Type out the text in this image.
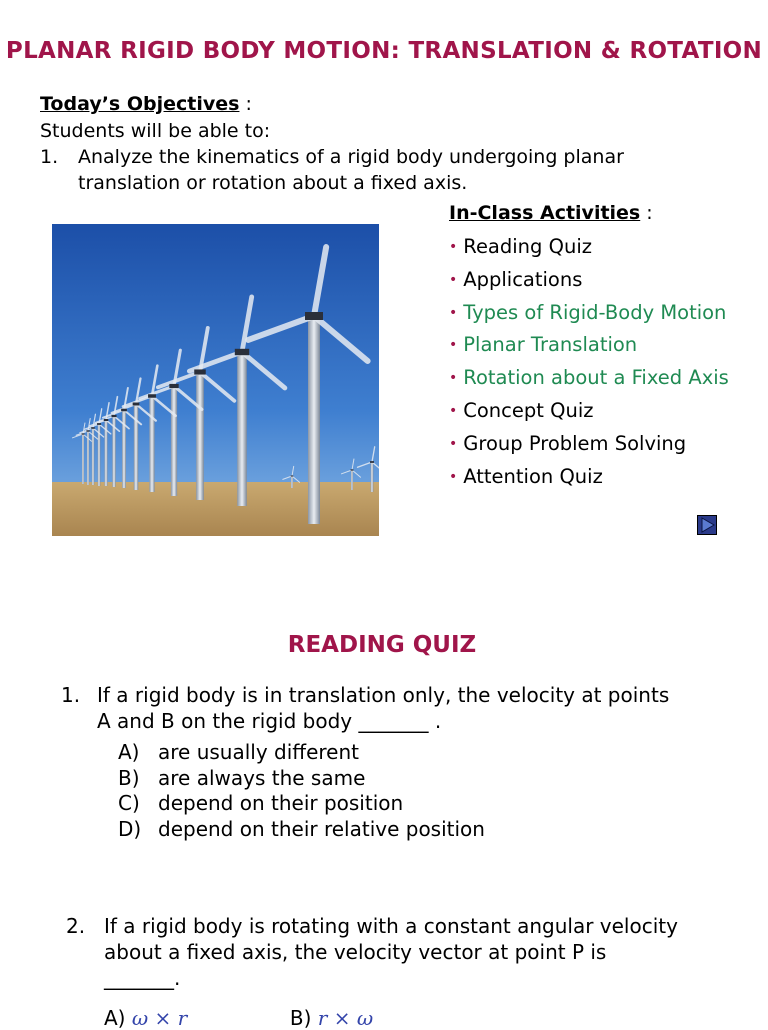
PLANAR RIGID BODY MOTION: TRANSLATION & ROTATION
Today’s Objectives :
Students will be able to:
1. Analyze the kinematics of a rigid body undergoing planar translation or rotation about a fixed axis.
In-Class Activities :
• Reading Quiz
• Applications
• Types of Rigid-Body Motion
• Planar Translation
• Rotation about a Fixed Axis
• Concept Quiz
• Group Problem Solving
• Attention Quiz
READING QUIZ
1. If a rigid body is in translation only, the velocity at points A and B on the rigid body _______ .
A) are usually different
B) are always the same
C) depend on their position
D) depend on their relative position
2. If a rigid body is rotating with a constant angular velocity about a fixed axis, the velocity vector at point P is _______.
A) ω × r	B) r × ω
